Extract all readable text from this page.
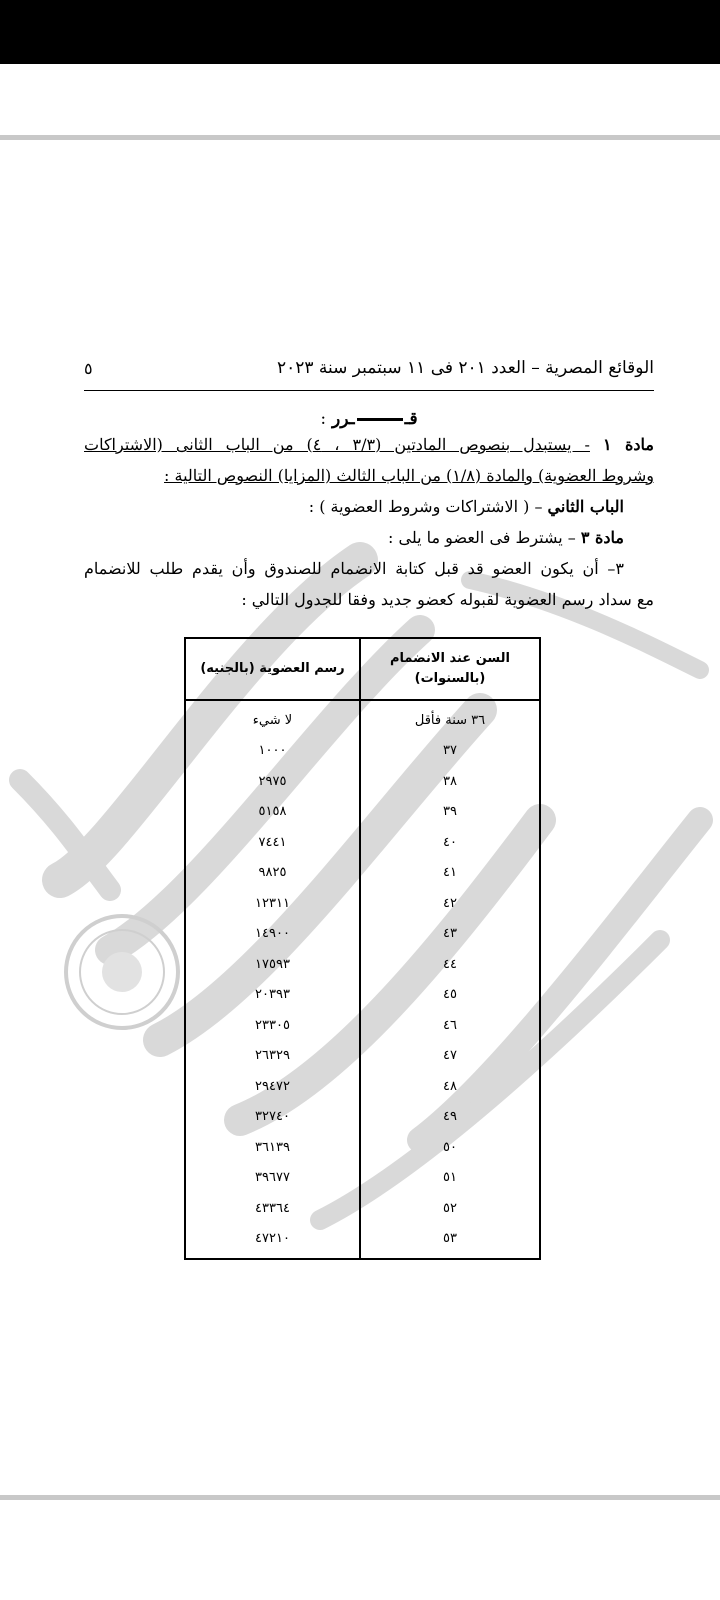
الوقائع المصرية – العدد ٢٠١ فى ١١ سبتمبر سنة ٢٠٢٣
٥
قــرر :

مادة ١ - يستبدل بنصوص المادتين (٣/٣ ، ٤) من الباب الثانى (الاشتراكات

وشروط العضوية) والمادة (١/٨) من الباب الثالث (المزايا) النصوص التالية :

الباب الثاني – ( الاشتراكات وشروط العضوية ) :

مادة ٣ – يشترط فى العضو ما يلى :

٣– أن يكون العضو قد قبل كتابة الانضمام للصندوق وأن يقدم طلب للانضمام

مع سداد رسم العضوية لقبوله كعضو جديد وفقا للجدول التالي :

السن عند الانضمام
(بالسنوات)	رسم العضوية (بالجنيه)
٣٦ سنة فأقل	لا شيء
٣٧	١٠٠٠
٣٨	٢٩٧٥
٣٩	٥١٥٨
٤٠	٧٤٤١
٤١	٩٨٢٥
٤٢	١٢٣١١
٤٣	١٤٩٠٠
٤٤	١٧٥٩٣
٤٥	٢٠٣٩٣
٤٦	٢٣٣٠٥
٤٧	٢٦٣٢٩
٤٨	٢٩٤٧٢
٤٩	٣٢٧٤٠
٥٠	٣٦١٣٩
٥١	٣٩٦٧٧
٥٢	٤٣٣٦٤
٥٣	٤٧٢١٠
